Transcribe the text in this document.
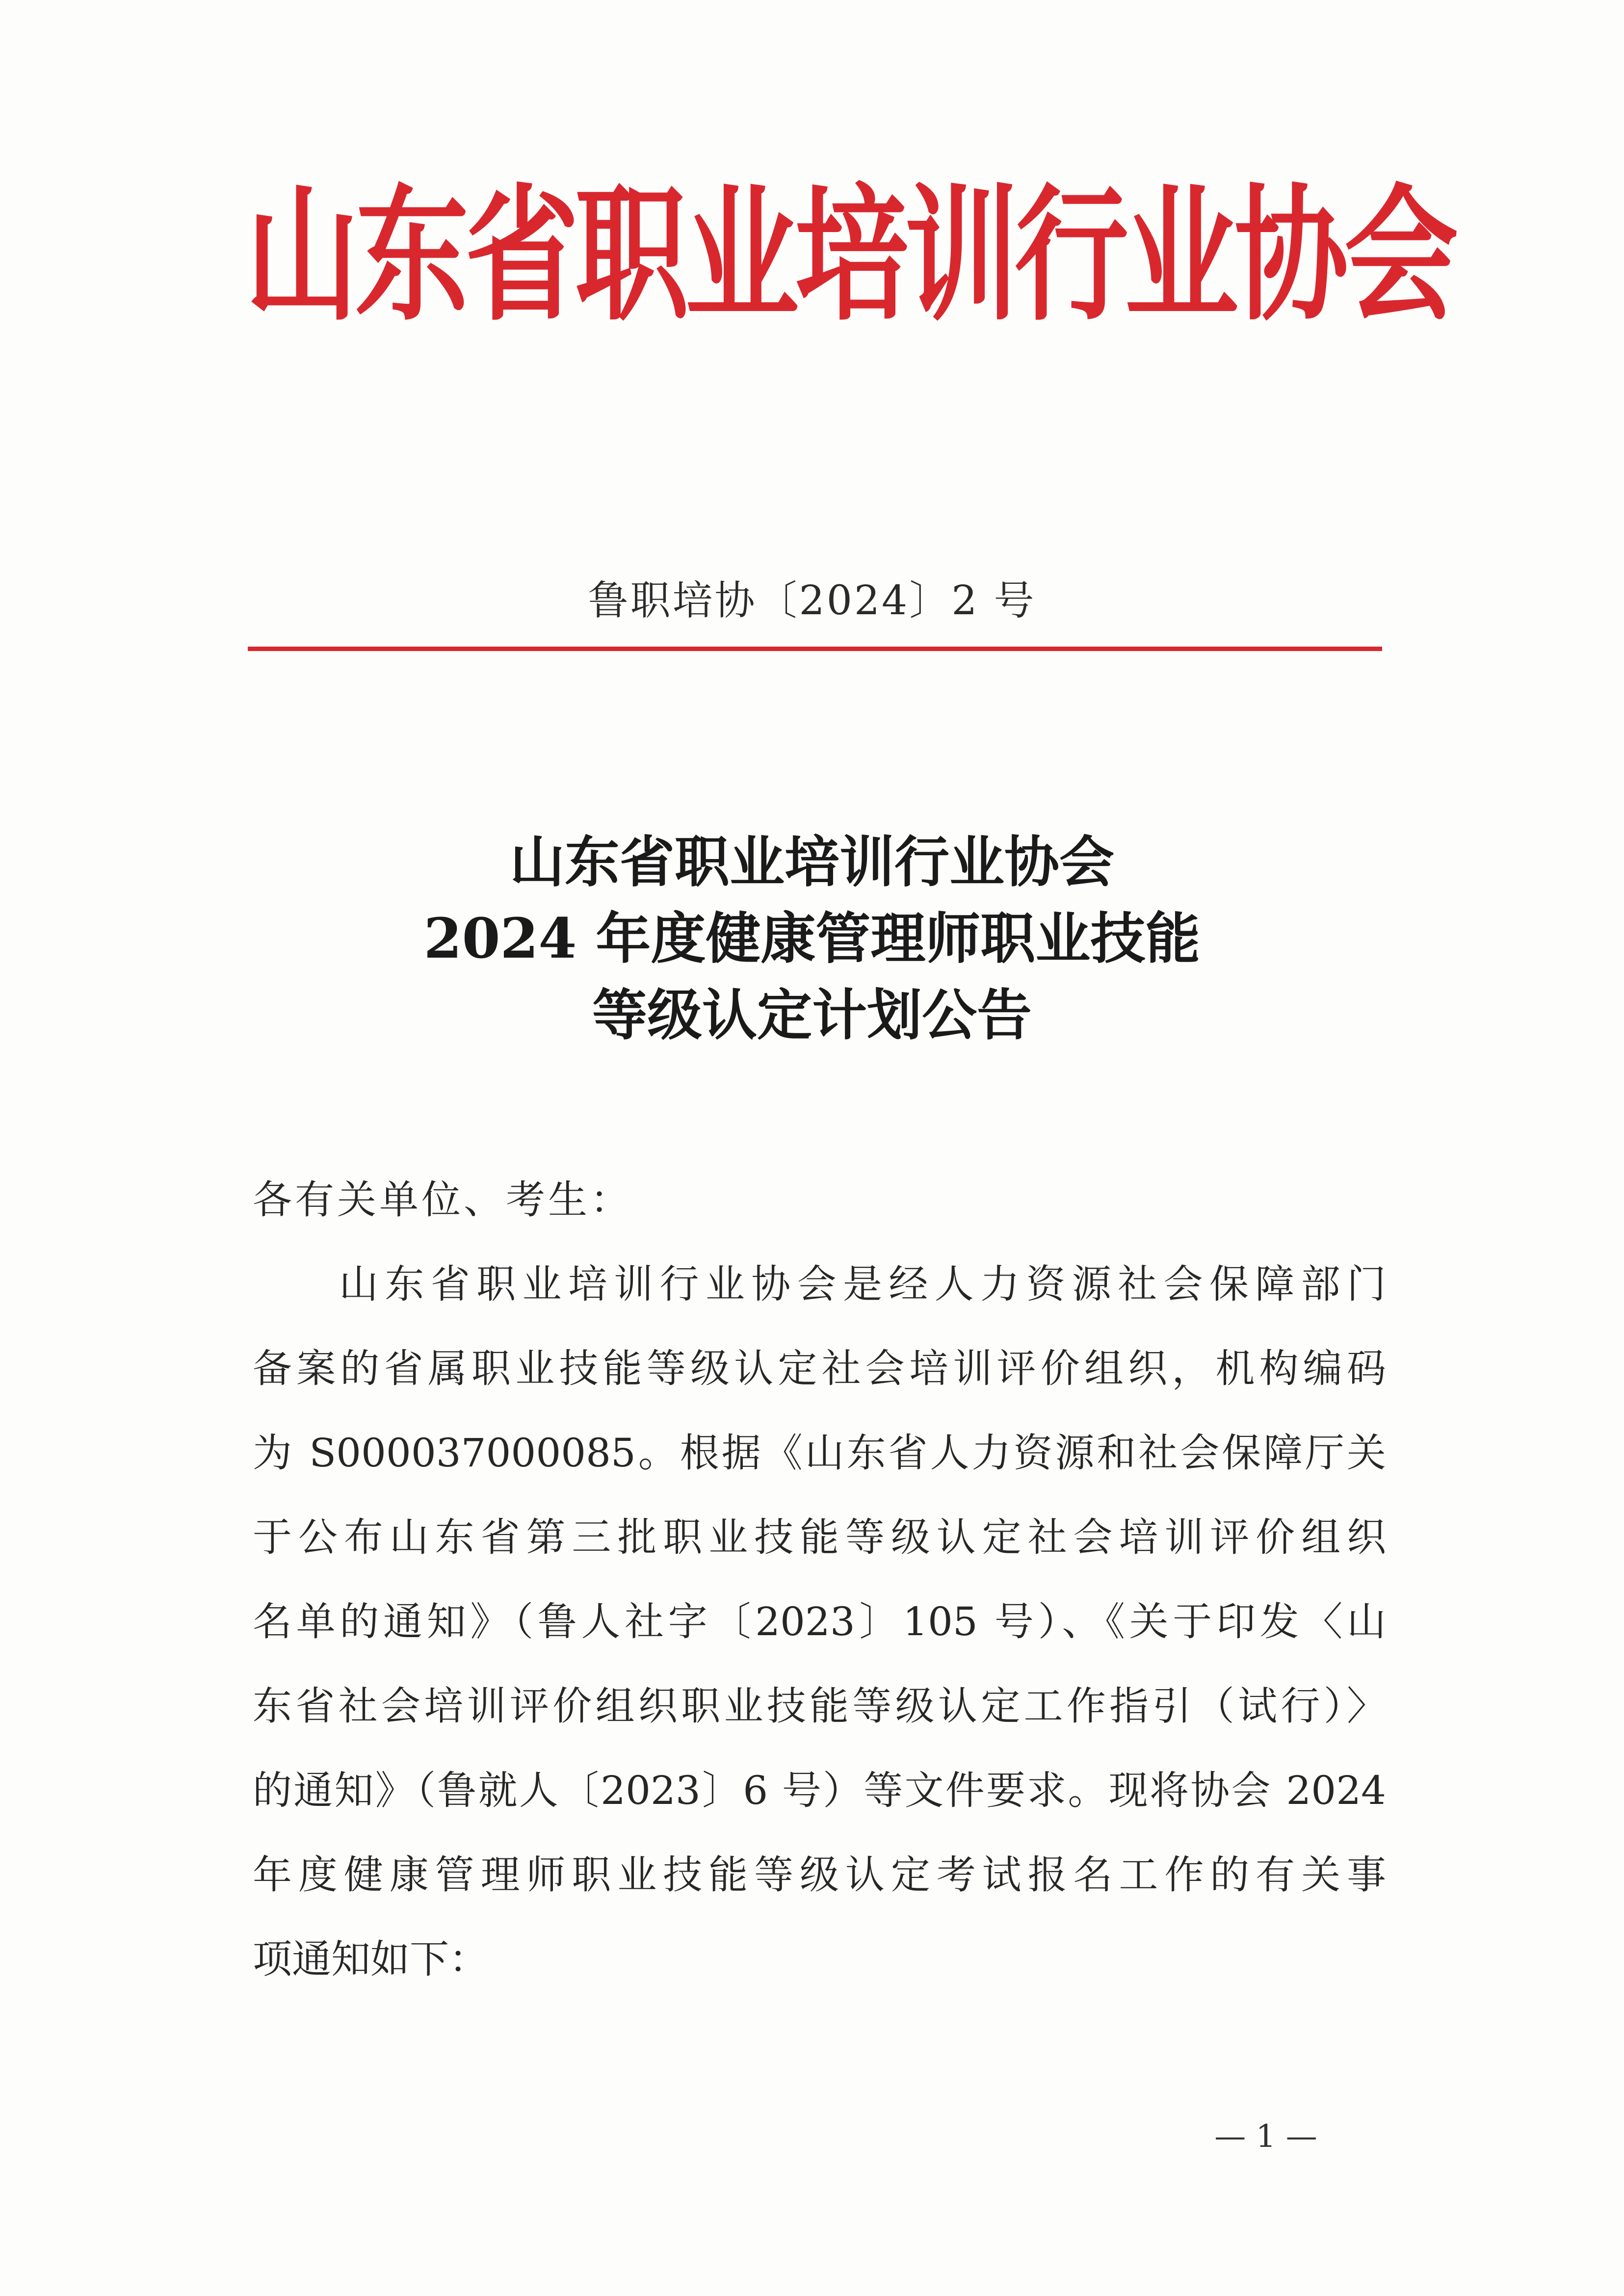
山东省职业培训行业协会
鲁职培协〔2024〕2 号
山东省职业培训行业协会
2024 年度健康管理师职业技能
等级认定计划公告
各有关单位、考生：
山东省职业培训行业协会是经人力资源社会保障部门
备案的省属职业技能等级认定社会培训评价组织，机构编码
为 S000037000085。根据《山东省人力资源和社会保障厅关
于公布山东省第三批职业技能等级认定社会培训评价组织
名单的通知》（鲁人社字〔2023〕105 号）、《关于印发〈山
东省社会培训评价组织职业技能等级认定工作指引（试行）〉
的通知》（鲁就人〔2023〕6 号）等文件要求。现将协会 2024
年度健康管理师职业技能等级认定考试报名工作的有关事
项通知如下：
— 1 —
